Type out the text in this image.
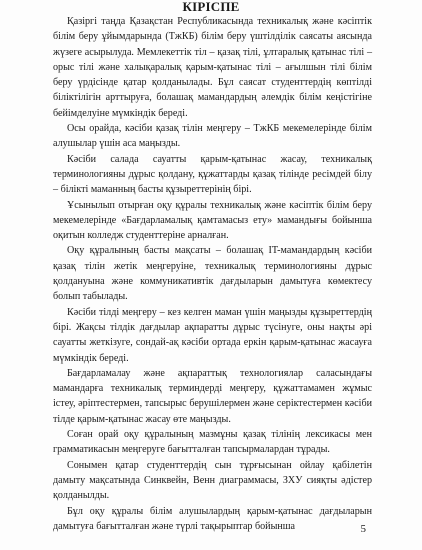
КІРІСПЕ

Қазіргі таңда Қазақстан Республикасында техникалық және кәсіптік білім беру ұйымдарында (ТжКБ) білім беру үштілділік саясаты аясында жүзеге асырылуда. Мемлекеттік тіл – қазақ тілі, ұлтаралық қатынас тілі – орыс тілі және халықаралық қарым-қатынас тілі – ағылшын тілі білім беру үрдісінде қатар қолданылады. Бұл саясат студенттердің көптілді біліктілігін арттыруға, болашақ мамандардың әлемдік білім кеңістігіне бейімделуіне мүмкіндік береді.

Осы орайда, кәсіби қазақ тілін меңгеру – ТжКБ мекемелерінде білім алушылар үшін аса маңызды.

Кәсіби салада сауатты қарым-қатынас жасау, техникалық терминологияны дұрыс қолдану, құжаттарды қазақ тілінде ресімдей білу – білікті маманның басты құзыреттерінің бірі.

Ұсынылып отырған оқу құралы техникалық және кәсіптік білім беру мекемелерінде «Бағдарламалық қамтамасыз ету» мамандығы бойынша оқитын колледж студенттеріне арналған.

Оқу құралының басты мақсаты – болашақ IT-мамандардың кәсіби қазақ тілін жетік меңгеруіне, техникалық терминологияны дұрыс қолдануына және коммуникативтік дағдыларын дамытуға көмектесу болып табылады.

Кәсіби тілді меңгеру – кез келген маман үшін маңызды құзыреттердің бірі. Жақсы тілдік дағдылар ақпаратты дұрыс түсінуге, оны нақты әрі сауатты жеткізуге, сондай-ақ кәсіби ортада еркін қарым-қатынас жасауға мүмкіндік береді.

Бағдарламалау және ақпараттық технологиялар саласындағы мамандарға техникалық терминдерді меңгеру, құжаттамамен жұмыс істеу, әріптестермен, тапсырыс берушілермен және серіктестермен кәсіби тілде қарым-қатынас жасау өте маңызды.

Соған орай оқу құралының мазмұны қазақ тілінің лексикасы мен грамматикасын меңгеруге бағытталған тапсырмалардан тұрады.

Сонымен қатар студенттердің сын тұрғысынан ойлау қабілетін дамыту мақсатында Синквейн, Венн диаграммасы, ЗХУ сияқты әдістер қолданылды.

Бұл оқу құралы білім алушылардың қарым-қатынас дағдыларын дамытуға бағытталған және түрлі тақырыптар бойынша	5
